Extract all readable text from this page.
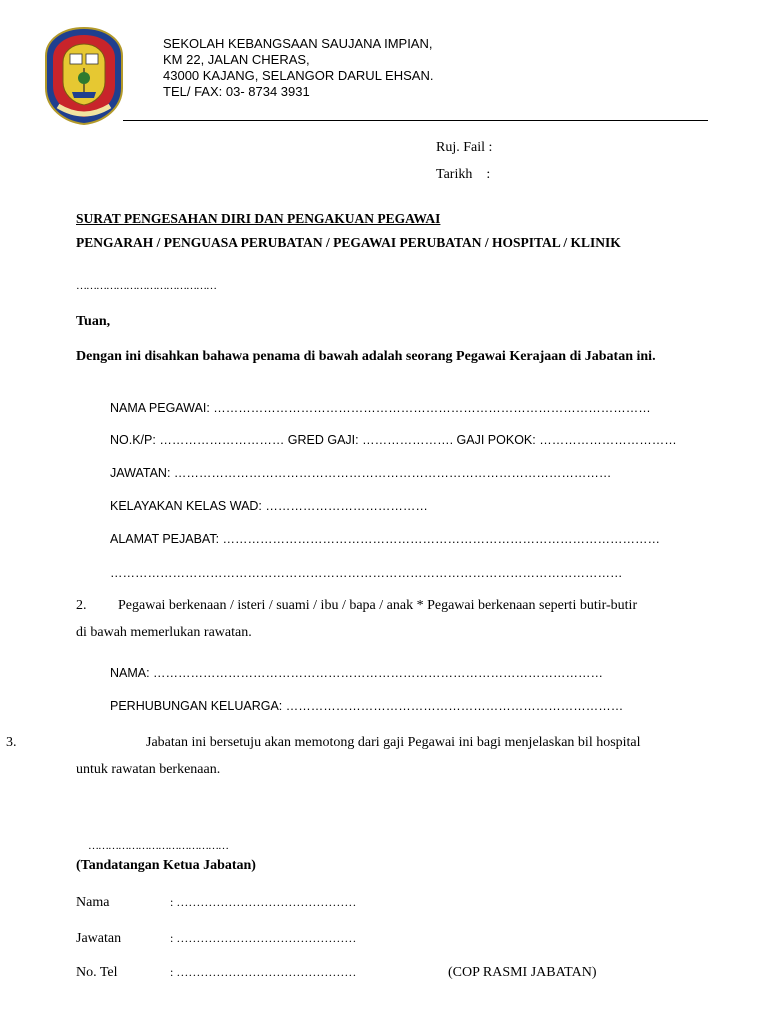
SEKOLAH KEBANGSAAN SAUJANA IMPIAN,
KM 22, JALAN CHERAS,
43000 KAJANG, SELANGOR DARUL EHSAN.
TEL/ FAX: 03- 8734 3931
Ruj. Fail :
Tarikh    :
SURAT PENGESAHAN DIRI DAN PENGAKUAN PEGAWAI
PENGARAH / PENGUASA PERUBATAN / PEGAWAI PERUBATAN / HOSPITAL / KLINIK
……………………………………
Tuan,
Dengan ini disahkan bahawa penama di bawah adalah seorang Pegawai Kerajaan di Jabatan ini.
NAMA PEGAWAI: ……………………………………………………………………………………………
NO.K/P: ………………………… GRED GAJI: …………………. GAJI POKOK: ……………………………
JAWATAN: ……………………………………………………………………………………………
KELAYAKAN KELAS WAD: …………………………………
ALAMAT PEJABAT: ……………………………………………………………………………………………
……………………………………………………………………………………………………………
2.         Pegawai berkenaan / isteri / suami / ibu / bapa / anak * Pegawai berkenaan seperti butir-butir
di bawah memerlukan rawatan.
NAMA: ………………………………………………………………………………………………
PERHUBUNGAN KELUARGA: ………………………………………………………………………
3.	Jabatan ini bersetuju akan memotong dari gaji Pegawai ini bagi menjelaskan bil hospital
untuk rawatan berkenaan.
……………………………………
(Tandatangan Ketua Jabatan)
Nama	: ………………………………………
Jawatan	: ………………………………………
No. Tel	: ………………………………………	(COP RASMI JABATAN)
